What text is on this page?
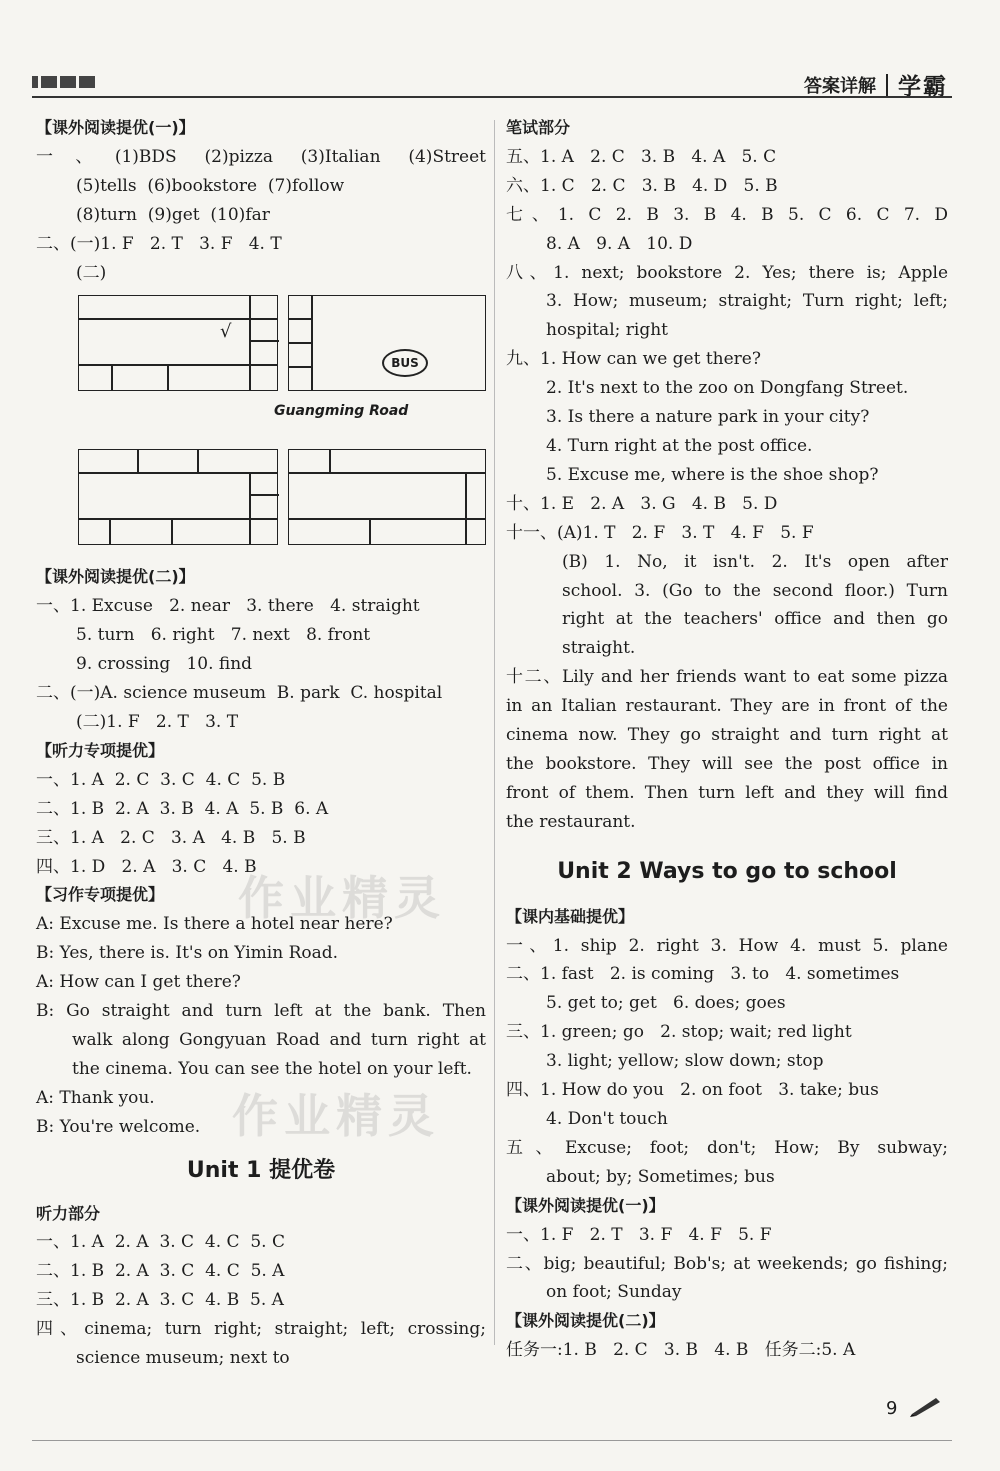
答案详解 学霸
作业精灵
作业精灵
【课外阅读提优(一)】
一、(1)BDS (2)pizza (3)Italian (4)Street
(5)tells (6)bookstore (7)follow
(8)turn (9)get (10)far
二、(一)1. F 2. T 3. F 4. T
(二)
√
BUS
Guangming Road
【课外阅读提优(二)】
一、1. Excuse 2. near 3. there 4. straight
5. turn 6. right 7. next 8. front
9. crossing 10. find
二、(一)A. science museum B. park C. hospital
(二)1. F 2. T 3. T
【听力专项提优】
一、1. A 2. C 3. C 4. C 5. B
二、1. B 2. A 3. B 4. A 5. B 6. A
三、1. A 2. C 3. A 4. B 5. B
四、1. D 2. A 3. C 4. B
【习作专项提优】
A: Excuse me. Is there a hotel near here?
B: Yes, there is. It's on Yimin Road.
A: How can I get there?
B: Go straight and turn left at the bank. Then
walk along Gongyuan Road and turn right at
the cinema. You can see the hotel on your left.
A: Thank you.
B: You're welcome.
Unit 1 提优卷
听力部分
一、1. A 2. A 3. C 4. C 5. C
二、1. B 2. A 3. C 4. C 5. A
三、1. B 2. A 3. C 4. B 5. A
四、cinema; turn right; straight; left; crossing;
science museum; next to
笔试部分
五、1. A 2. C 3. B 4. A 5. C
六、1. C 2. C 3. B 4. D 5. B
七、1. C 2. B 3. B 4. B 5. C 6. C 7. D
8. A 9. A 10. D
八、1. next; bookstore 2. Yes; there is; Apple
3. How; museum; straight; Turn right; left;
hospital; right
九、1. How can we get there?
2. It's next to the zoo on Dongfang Street.
3. Is there a nature park in your city?
4. Turn right at the post office.
5. Excuse me, where is the shoe shop?
十、1. E 2. A 3. G 4. B 5. D
十一、(A)1. T 2. F 3. T 4. F 5. F
(B) 1. No, it isn't. 2. It's open after
school. 3. (Go to the second floor.) Turn
right at the teachers' office and then go
straight.
十二、Lily and her friends want to eat some pizza
in an Italian restaurant. They are in front of the
cinema now. They go straight and turn right at
the bookstore. They will see the post office in
front of them. Then turn left and they will find
the restaurant.
Unit 2 Ways to go to school
【课内基础提优】
一、1. ship 2. right 3. How 4. must 5. plane
二、1. fast 2. is coming 3. to 4. sometimes
5. get to; get 6. does; goes
三、1. green; go 2. stop; wait; red light
3. light; yellow; slow down; stop
四、1. How do you 2. on foot 3. take; bus
4. Don't touch
五、Excuse; foot; don't; How; By subway;
about; by; Sometimes; bus
【课外阅读提优(一)】
一、1. F 2. T 3. F 4. F 5. F
二、big; beautiful; Bob's; at weekends; go fishing;
on foot; Sunday
【课外阅读提优(二)】
任务一:1. B 2. C 3. B 4. B 任务二:5. A
9
